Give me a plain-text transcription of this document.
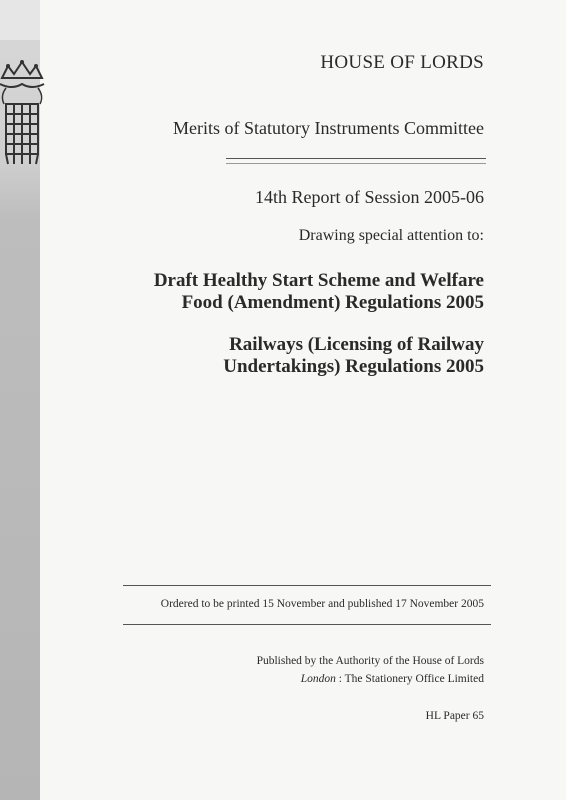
HOUSE OF LORDS

Merits of Statutory Instruments Committee

14th Report of Session 2005-06

Drawing special attention to:

Draft Healthy Start Scheme and Welfare
Food (Amendment) Regulations 2005
Railways (Licensing of Railway
Undertakings) Regulations 2005

Ordered to be printed 15 November and published 17 November 2005

Published by the Authority of the House of Lords
London : The Stationery Office Limited

HL Paper 65
